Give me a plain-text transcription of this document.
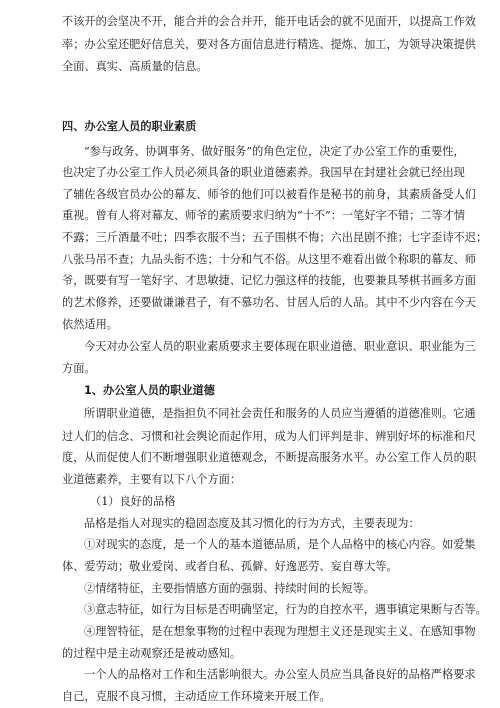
不该开的会坚决不开，能合并的会合并开，能开电话会的就不见面开，以提高工作效
率；办公室还肥好信息关，要对各方面信息进行精选、提炼、加工，为领导决策提供
全面、真实、高质量的信息。
四、办公室人员的职业素质
“参与政务、协调事务、做好服务”的角色定位，决定了办公室工作的重要性，
也决定了办公室工作人员必须具备的职业道德素养。我国早在封建社会就已经出现
了辅佐各级官员办公的幕友、师爷的他们可以被看作是秘书的前身，其素质备受人们
重视。曾有人将对幕友、师爷的素质要求归纳为“十不”：一笔好字不错；二等才情
不露；三斤酒量不吐；四季衣服不当；五子围棋不悔；六出昆剧不推；七字歪诗不迟；
八张马吊不查；九品头衔不选；十分和气不俗。从这里不难看出做个称职的幕友、师
爷，既要有写一笔好字、才思敏捷、记忆力强这样的技能，也要兼具琴棋书画多方面
的艺术修养，还要做谦谦君子，有不慕功名、甘居人后的人品。其中不少内容在今天
依然适用。
今天对办公室人员的职业素质要求主要体现在职业道德、职业意识、职业能为三
方面。
1、办公室人员的职业道德
所谓职业道德，是指担负不同社会责任和服务的人员应当遵循的道德准则。它通
过人们的信念、习惯和社会舆论而起作用，成为人们评判是非、辨别好坏的标准和尺
度，从而促使人们不断增强职业道德观念，不断提高服务水平。办公室工作人员的职
业道德素养，主要有以下八个方面：
（1）良好的品格
品格是指人对现实的稳固态度及其习惯化的行为方式，主要表现为：
①对现实的态度，是一个人的基本道德品质，是个人品格中的核心内容。如爱集
体、爱劳动；敬业爱岗、或者自私、孤僻、好逸恶劳、妄自尊大等。
②情绪特征，主要指情感方面的强弱、持续时间的长短等。
③意志特征，如行为目标是否明确坚定，行为的自控水平，遇事镇定果断与否等。
④理智特征，是在想象事物的过程中表现为理想主义还是现实主义、在感知事物
的过程中是主动观察还是被动感知。
一个人的品格对工作和生活影响很大。办公室人员应当具备良好的品格严格要求
自己，克服不良习惯，主动适应工作环境来开展工作。
